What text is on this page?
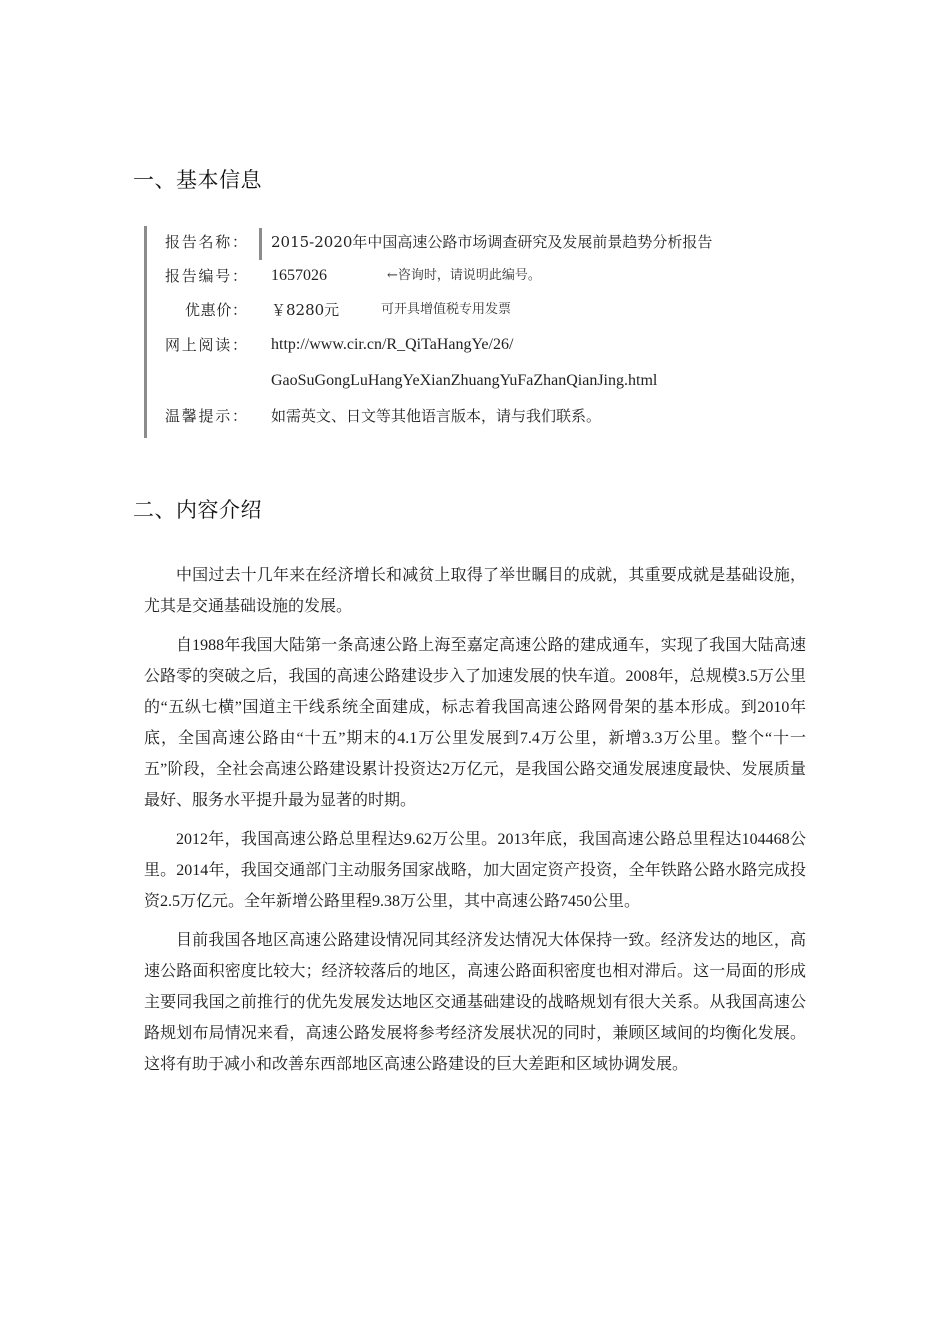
一、基本信息
报告名称： 2015-2020年中国高速公路市场调查研究及发展前景趋势分析报告
报告编号： 1657026	←咨询时，请说明此编号。
优惠价： ￥8280元	可开具增值税专用发票
网上阅读： http://www.cir.cn/R_QiTaHangYe/26/
GaoSuGongLuHangYeXianZhuangYuFaZhanQianJing.html
温馨提示： 如需英文、日文等其他语言版本，请与我们联系。
二、内容介绍

中国过去十几年来在经济增长和减贫上取得了举世瞩目的成就，其重要成就是基础设施，尤其是交通基础设施的发展。

自1988年我国大陆第一条高速公路上海至嘉定高速公路的建成通车，实现了我国大陆高速公路零的突破之后，我国的高速公路建设步入了加速发展的快车道。2008年，总规模3.5万公里的“五纵七横”国道主干线系统全面建成，标志着我国高速公路网骨架的基本形成。到2010年底，全国高速公路由“十五”期末的4.1万公里发展到7.4万公里，新增3.3万公里。整个“十一五”阶段，全社会高速公路建设累计投资达2万亿元，是我国公路交通发展速度最快、发展质量最好、服务水平提升最为显著的时期。

2012年，我国高速公路总里程达9.62万公里。2013年底，我国高速公路总里程达104468公里。2014年，我国交通部门主动服务国家战略，加大固定资产投资，全年铁路公路水路完成投资2.5万亿元。全年新增公路里程9.38万公里，其中高速公路7450公里。

目前我国各地区高速公路建设情况同其经济发达情况大体保持一致。经济发达的地区，高速公路面积密度比较大；经济较落后的地区，高速公路面积密度也相对滞后。这一局面的形成主要同我国之前推行的优先发展发达地区交通基础建设的战略规划有很大关系。从我国高速公路规划布局情况来看，高速公路发展将参考经济发展状况的同时，兼顾区域间的均衡化发展。这将有助于减小和改善东西部地区高速公路建设的巨大差距和区域协调发展。
